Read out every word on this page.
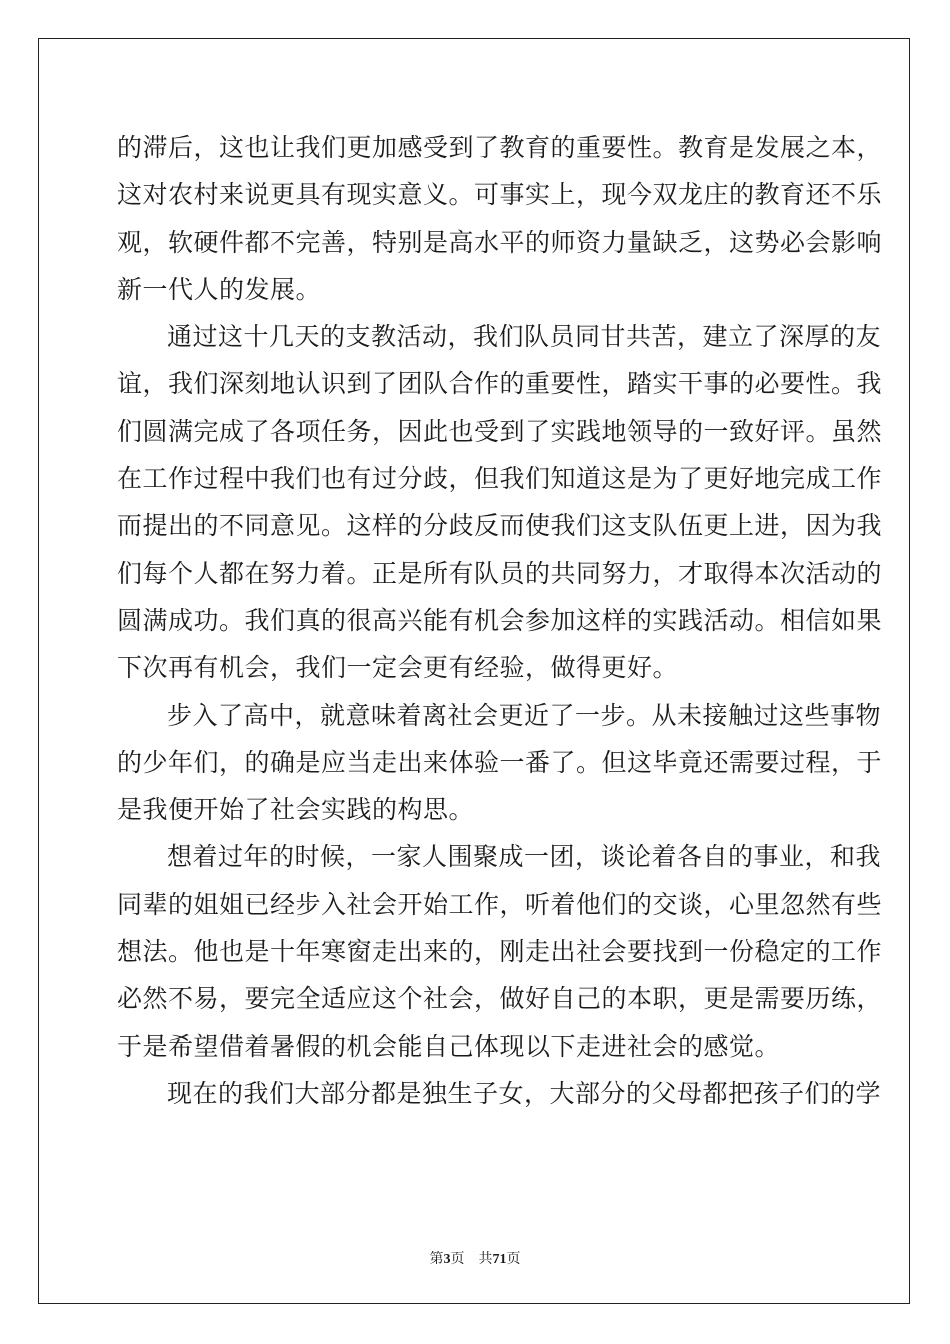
的滞后，这也让我们更加感受到了教育的重要性。教育是发展之本，
这对农村来说更具有现实意义。可事实上，现今双龙庄的教育还不乐
观，软硬件都不完善，特别是高水平的师资力量缺乏，这势必会影响
新一代人的发展。

通过这十几天的支教活动，我们队员同甘共苦，建立了深厚的友
谊，我们深刻地认识到了团队合作的重要性，踏实干事的必要性。我
们圆满完成了各项任务，因此也受到了实践地领导的一致好评。虽然
在工作过程中我们也有过分歧，但我们知道这是为了更好地完成工作
而提出的不同意见。这样的分歧反而使我们这支队伍更上进，因为我
们每个人都在努力着。正是所有队员的共同努力，才取得本次活动的
圆满成功。我们真的很高兴能有机会参加这样的实践活动。相信如果
下次再有机会，我们一定会更有经验，做得更好。

步入了高中，就意味着离社会更近了一步。从未接触过这些事物
的少年们，的确是应当走出来体验一番了。但这毕竟还需要过程，于
是我便开始了社会实践的构思。

想着过年的时候，一家人围聚成一团，谈论着各自的事业，和我
同辈的姐姐已经步入社会开始工作，听着他们的交谈，心里忽然有些
想法。他也是十年寒窗走出来的，刚走出社会要找到一份稳定的工作
必然不易，要完全适应这个社会，做好自己的本职，更是需要历练，
于是希望借着暑假的机会能自己体现以下走进社会的感觉。

现在的我们大部分都是独生子女，大部分的父母都把孩子们的学

第3页 共71页
